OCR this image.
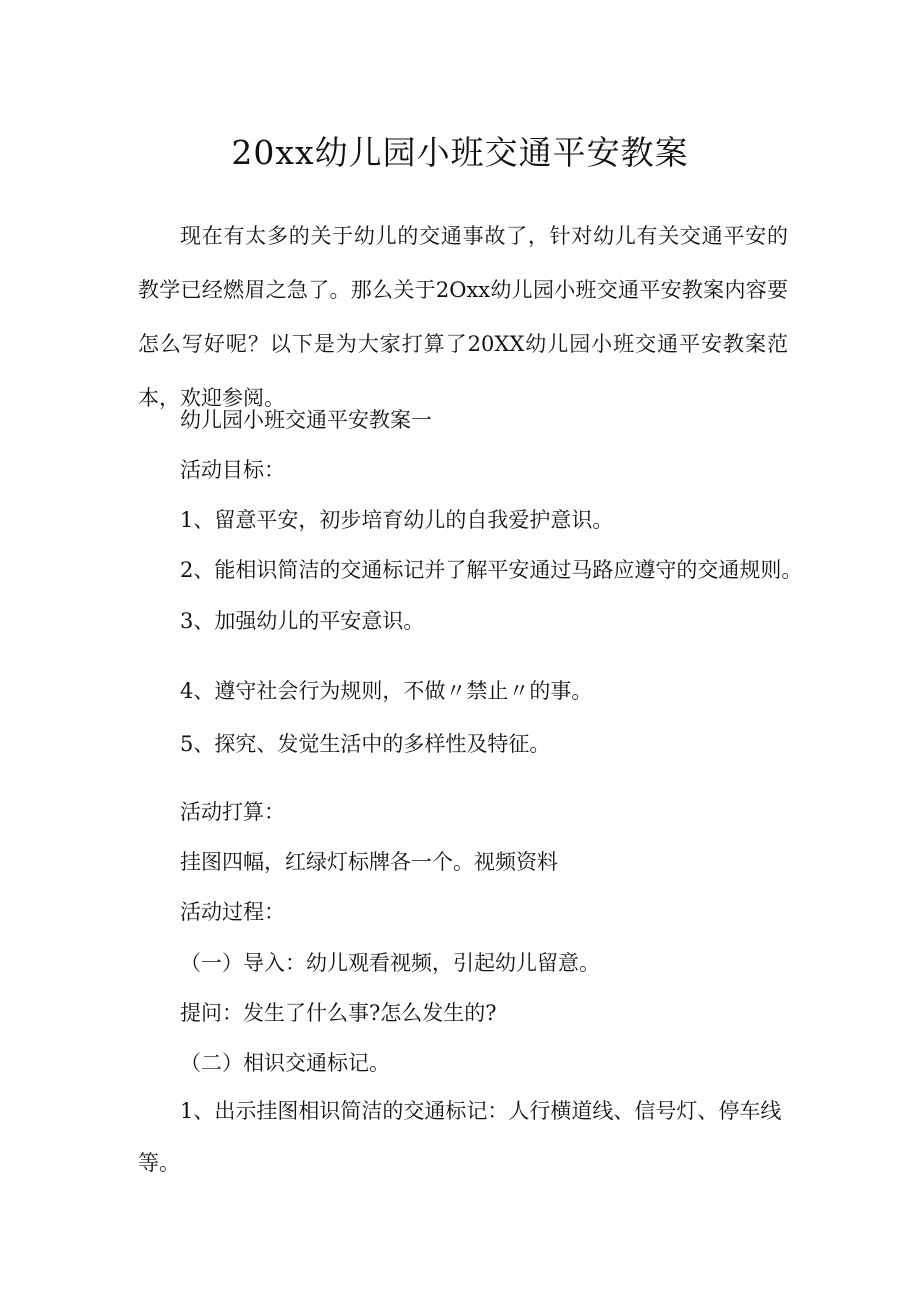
20xx幼儿园小班交通平安教案

现在有太多的关于幼儿的交通事故了，针对幼儿有关交通平安的教学已经燃眉之急了。那么关于2Oxx幼儿园小班交通平安教案内容要怎么写好呢？以下是为大家打算了20XX幼儿园小班交通平安教案范本，欢迎参阅。

幼儿园小班交通平安教案一

活动目标：

1、留意平安，初步培育幼儿的自我爱护意识。

2、能相识简洁的交通标记并了解平安通过马路应遵守的交通规则。

3、加强幼儿的平安意识。

4、遵守社会行为规则，不做〃禁止〃的事。

5、探究、发觉生活中的多样性及特征。

活动打算：

挂图四幅，红绿灯标牌各一个。视频资料

活动过程：

（一）导入：幼儿观看视频，引起幼儿留意。

提问：发生了什么事?怎么发生的?

（二）相识交通标记。

1、出示挂图相识简洁的交通标记：人行横道线、信号灯、停车线等。
